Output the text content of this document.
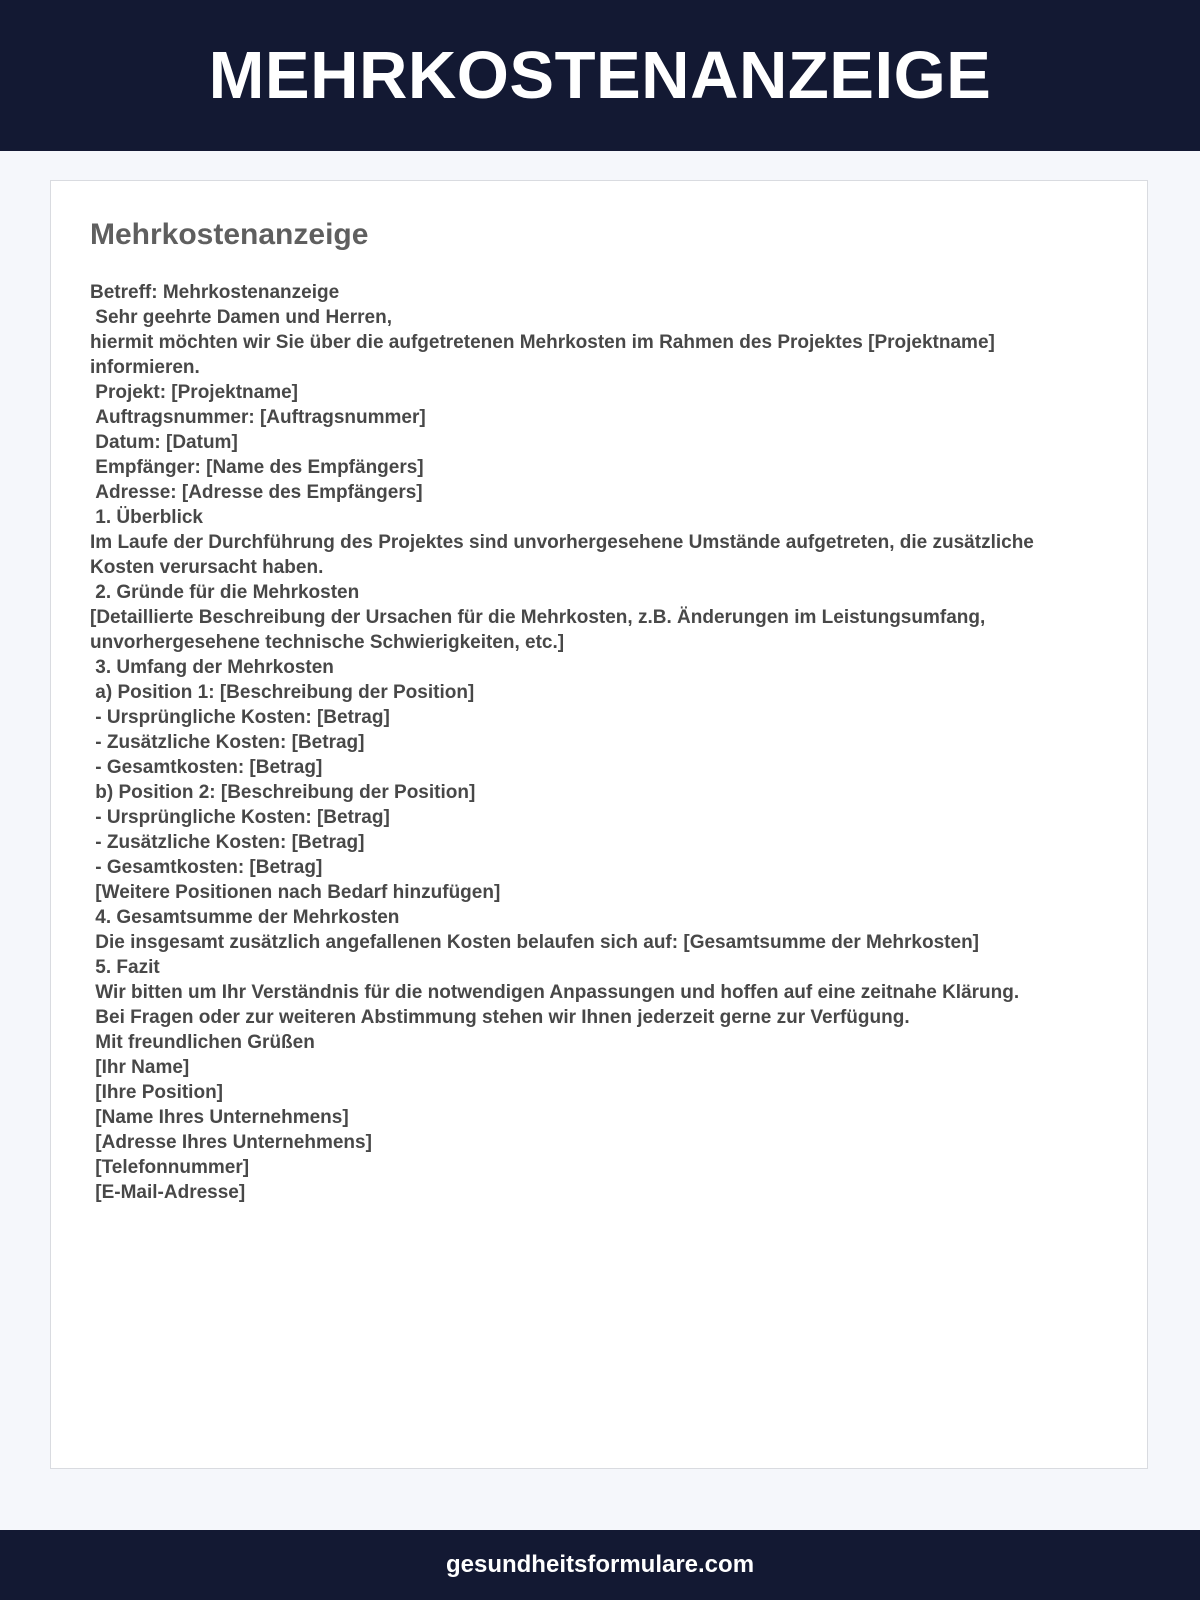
MEHRKOSTENANZEIGE
Mehrkostenanzeige
Betreff: Mehrkostenanzeige
Sehr geehrte Damen und Herren,
hiermit möchten wir Sie über die aufgetretenen Mehrkosten im Rahmen des Projektes [Projektname] informieren.
Projekt: [Projektname]
Auftragsnummer: [Auftragsnummer]
Datum: [Datum]
Empfänger: [Name des Empfängers]
Adresse: [Adresse des Empfängers]
1. Überblick
Im Laufe der Durchführung des Projektes sind unvorhergesehene Umstände aufgetreten, die zusätzliche Kosten verursacht haben.
2. Gründe für die Mehrkosten
[Detaillierte Beschreibung der Ursachen für die Mehrkosten, z.B. Änderungen im Leistungsumfang, unvorhergesehene technische Schwierigkeiten, etc.]
3. Umfang der Mehrkosten
a) Position 1: [Beschreibung der Position]
- Ursprüngliche Kosten: [Betrag]
- Zusätzliche Kosten: [Betrag]
- Gesamtkosten: [Betrag]
b) Position 2: [Beschreibung der Position]
- Ursprüngliche Kosten: [Betrag]
- Zusätzliche Kosten: [Betrag]
- Gesamtkosten: [Betrag]
[Weitere Positionen nach Bedarf hinzufügen]
4. Gesamtsumme der Mehrkosten
Die insgesamt zusätzlich angefallenen Kosten belaufen sich auf: [Gesamtsumme der Mehrkosten]
5. Fazit
Wir bitten um Ihr Verständnis für die notwendigen Anpassungen und hoffen auf eine zeitnahe Klärung.
Bei Fragen oder zur weiteren Abstimmung stehen wir Ihnen jederzeit gerne zur Verfügung.
Mit freundlichen Grüßen
[Ihr Name]
[Ihre Position]
[Name Ihres Unternehmens]
[Adresse Ihres Unternehmens]
[Telefonnummer]
[E-Mail-Adresse]
gesundheitsformulare.com
